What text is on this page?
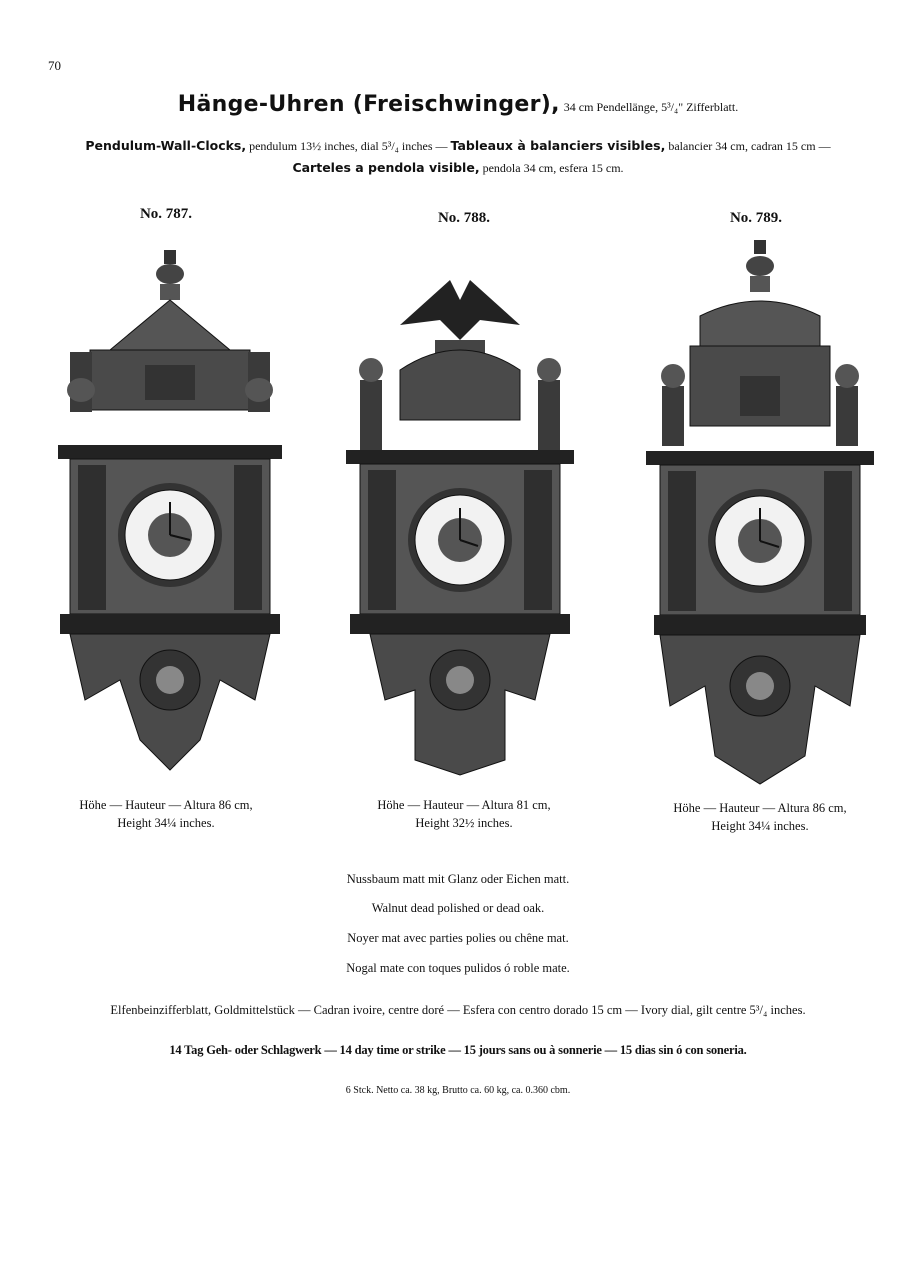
70
Hänge-Uhren (Freischwinger), 34 cm Pendellänge, 5³/₄" Zifferblatt.
Pendulum-Wall-Clocks, pendulum 13½ inches, dial 5³/₄ inches — Tableaux à balanciers visibles, balancier 34 cm, cadran 15 cm —
Carteles a pendola visible, pendola 34 cm, esfera 15 cm.
No. 787.	No. 788.	No. 789.
Höhe — Hauteur — Altura 86 cm,
Height 34¼ inches.
Höhe — Hauteur — Altura 81 cm,
Height 32½ inches.
Höhe — Hauteur — Altura 86 cm,
Height 34¼ inches.
Nussbaum matt mit Glanz oder Eichen matt.
Walnut dead polished or dead oak.
Noyer mat avec parties polies ou chêne mat.
Nogal mate con toques pulidos ó roble mate.
Elfenbeinzifferblatt, Goldmittelstück — Cadran ivoire, centre doré — Esfera con centro dorado 15 cm — Ivory dial, gilt centre 5³/₄ inches.
14 Tag Geh- oder Schlagwerk — 14 day time or strike — 15 jours sans ou à sonnerie — 15 dias sin ó con soneria.
6 Stck. Netto ca. 38 kg, Brutto ca. 60 kg, ca. 0.360 cbm.
